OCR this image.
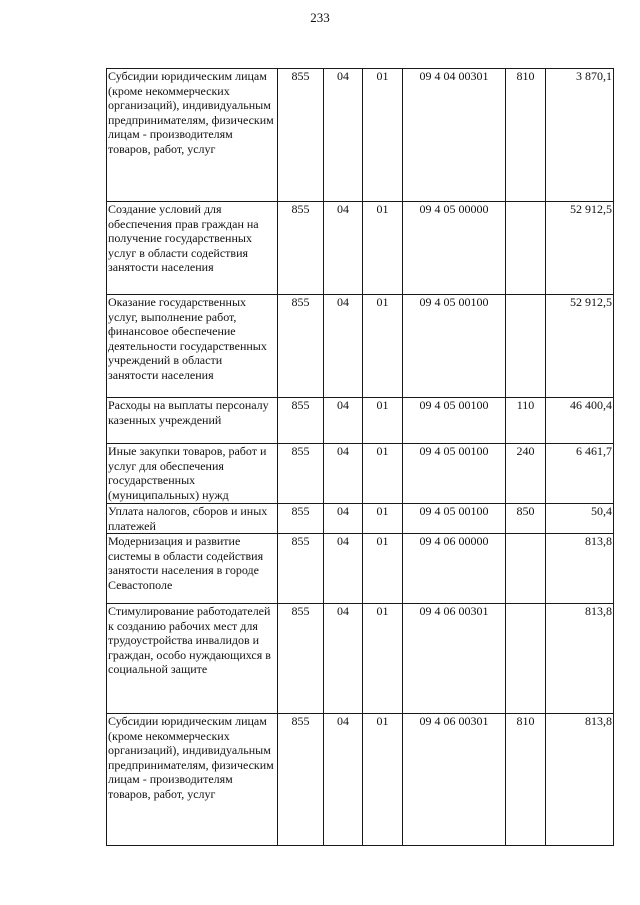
233
Субсидии юридическим лицам (кроме некоммерческих организаций), индивидуальным предпринимателям, физическим лицам - производителям товаров, работ, услуг	855	04	01	09 4 04 00301	810	3 870,1
Создание условий для обеспечения прав граждан на получение государственных услуг в области содействия занятости населения	855	04	01	09 4 05 00000		52 912,5
Оказание государственных услуг, выполнение работ, финансовое обеспечение деятельности государственных учреждений в области занятости населения	855	04	01	09 4 05 00100		52 912,5
Расходы на выплаты персоналу казенных учреждений	855	04	01	09 4 05 00100	110	46 400,4
Иные закупки товаров, работ и услуг для обеспечения государственных (муниципальных) нужд	855	04	01	09 4 05 00100	240	6 461,7
Уплата налогов, сборов и иных платежей	855	04	01	09 4 05 00100	850	50,4
Модернизация и развитие системы в области содействия занятости населения в городе Севастополе	855	04	01	09 4 06 00000		813,8
Стимулирование работодателей к созданию рабочих мест для трудоустройства инвалидов и граждан, особо нуждающихся в социальной защите	855	04	01	09 4 06 00301		813,8
Субсидии юридическим лицам (кроме некоммерческих организаций), индивидуальным предпринимателям, физическим лицам - производителям товаров, работ, услуг	855	04	01	09 4 06 00301	810	813,8
